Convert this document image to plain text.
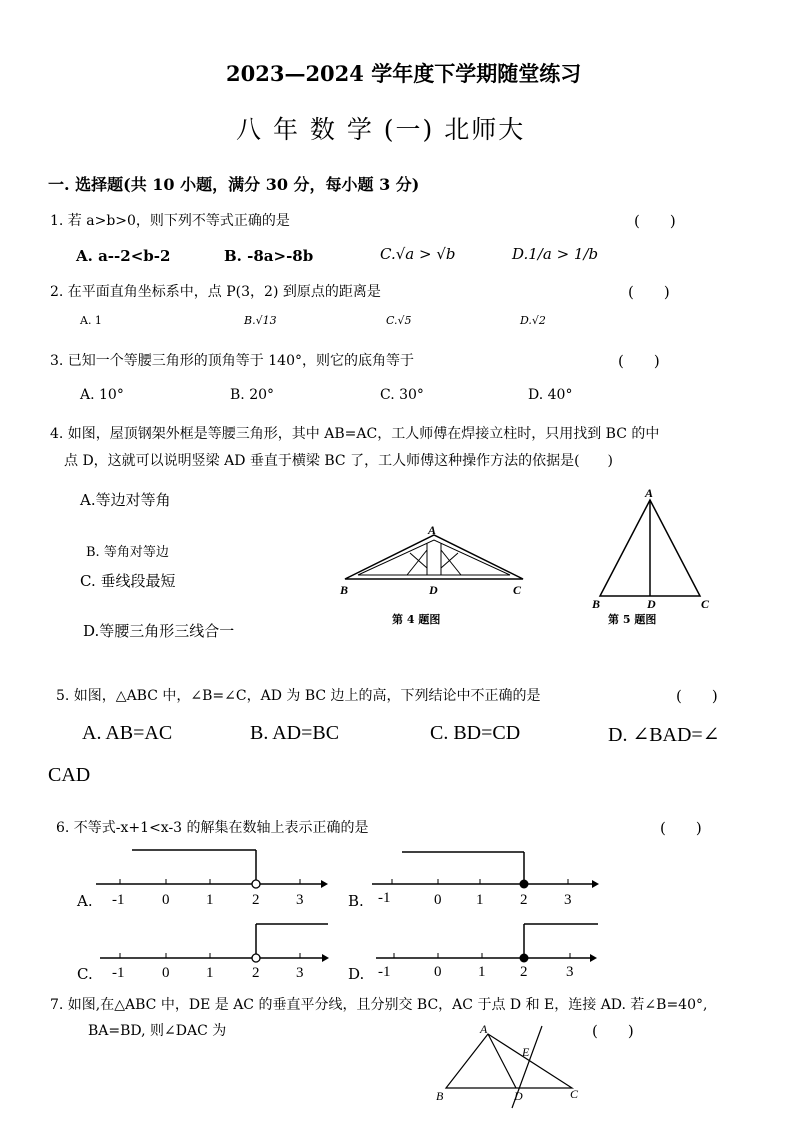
2023—2024 学年度下学期随堂练习
八 年 数 学 (一) 北师大
一. 选择题(共 10 小题，满分 30 分，每小题 3 分)
1. 若 a>b>0，则下列不等式正确的是	(　　)
A. a--2<b-2	B. -8a>-8b	C.√a > √b	D.1/a > 1/b
2. 在平面直角坐标系中，点 P(3，2) 到原点的距离是	(　　)
A. 1	B.√13	C.√5	D.√2
3. 已知一个等腰三角形的顶角等于 140°，则它的底角等于	(　　)
A. 10°	B. 20°	C. 30°	D. 40°
4. 如图，屋顶钢架外框是等腰三角形，其中 AB=AC，工人师傅在焊接立柱时，只用找到 BC 的中
点 D，这就可以说明竖梁 AD 垂直于横梁 BC 了，工人师傅这种操作方法的依据是(　　)
A.等边对等角
B. 等角对等边
C. 垂线段最短
D.等腰三角形三线合一
A
B	D	C
第 4 题图
A
B	D	C
第 5 题图
5. 如图，△ABC 中，∠B=∠C，AD 为 BC 边上的高，下列结论中不正确的是	(　　)
A. AB=AC	B. AD=BC	C. BD=CD	D. ∠BAD=∠
CAD
6. 不等式-x+1<x-3 的解集在数轴上表示正确的是	(　　)
-1	0 1	2 3
A.	-1	0 1 2 3
B.
-1	0 1	2 3
C.	-1	0 1 2	3
D.
7. 如图,在△ABC 中，DE 是 AC 的垂直平分线，且分别交 BC，AC 于点 D 和 E，连接 AD. 若∠B=40°,
BA=BD, 则∠DAC 为	(　　)
A
E
B	D	C
